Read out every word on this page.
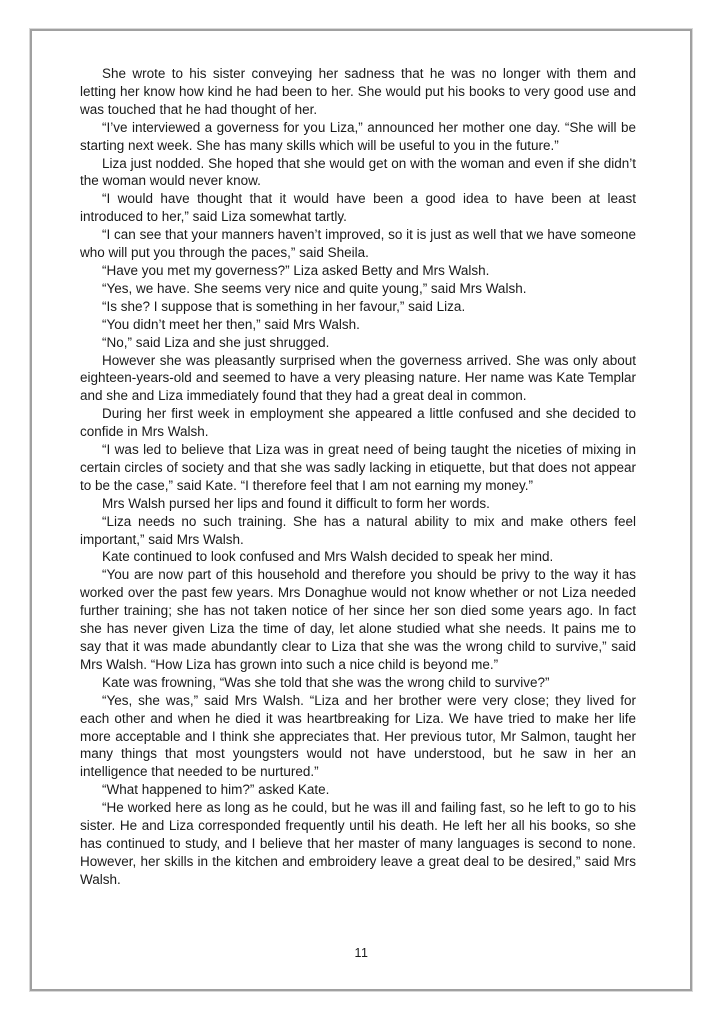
She wrote to his sister conveying her sadness that he was no longer with them and letting her know how kind he had been to her. She would put his books to very good use and was touched that he had thought of her.

“I’ve interviewed a governess for you Liza,” announced her mother one day. “She will be starting next week. She has many skills which will be useful to you in the future.”

Liza just nodded. She hoped that she would get on with the woman and even if she didn’t the woman would never know.

“I would have thought that it would have been a good idea to have been at least introduced to her,” said Liza somewhat tartly.

“I can see that your manners haven’t improved, so it is just as well that we have someone who will put you through the paces,” said Sheila.

“Have you met my governess?” Liza asked Betty and Mrs Walsh.

“Yes, we have. She seems very nice and quite young,” said Mrs Walsh.

“Is she? I suppose that is something in her favour,” said Liza.

“You didn’t meet her then,” said Mrs Walsh.

“No,” said Liza and she just shrugged.

However she was pleasantly surprised when the governess arrived. She was only about eighteen-years-old and seemed to have a very pleasing nature. Her name was Kate Templar and she and Liza immediately found that they had a great deal in common.

During her first week in employment she appeared a little confused and she decided to confide in Mrs Walsh.

“I was led to believe that Liza was in great need of being taught the niceties of mixing in certain circles of society and that she was sadly lacking in etiquette, but that does not appear to be the case,” said Kate. “I therefore feel that I am not earning my money.”

Mrs Walsh pursed her lips and found it difficult to form her words.

“Liza needs no such training. She has a natural ability to mix and make others feel important,” said Mrs Walsh.

Kate continued to look confused and Mrs Walsh decided to speak her mind.

“You are now part of this household and therefore you should be privy to the way it has worked over the past few years. Mrs Donaghue would not know whether or not Liza needed further training; she has not taken notice of her since her son died some years ago. In fact she has never given Liza the time of day, let alone studied what she needs. It pains me to say that it was made abundantly clear to Liza that she was the wrong child to survive,” said Mrs Walsh. “How Liza has grown into such a nice child is beyond me.”

Kate was frowning, “Was she told that she was the wrong child to survive?”

“Yes, she was,” said Mrs Walsh. “Liza and her brother were very close; they lived for each other and when he died it was heartbreaking for Liza. We have tried to make her life more acceptable and I think she appreciates that. Her previous tutor, Mr Salmon, taught her many things that most youngsters would not have understood, but he saw in her an intelligence that needed to be nurtured.”

“What happened to him?” asked Kate.

“He worked here as long as he could, but he was ill and failing fast, so he left to go to his sister. He and Liza corresponded frequently until his death. He left her all his books, so she has continued to study, and I believe that her master of many languages is second to none. However, her skills in the kitchen and embroidery leave a great deal to be desired,” said Mrs Walsh.

11
